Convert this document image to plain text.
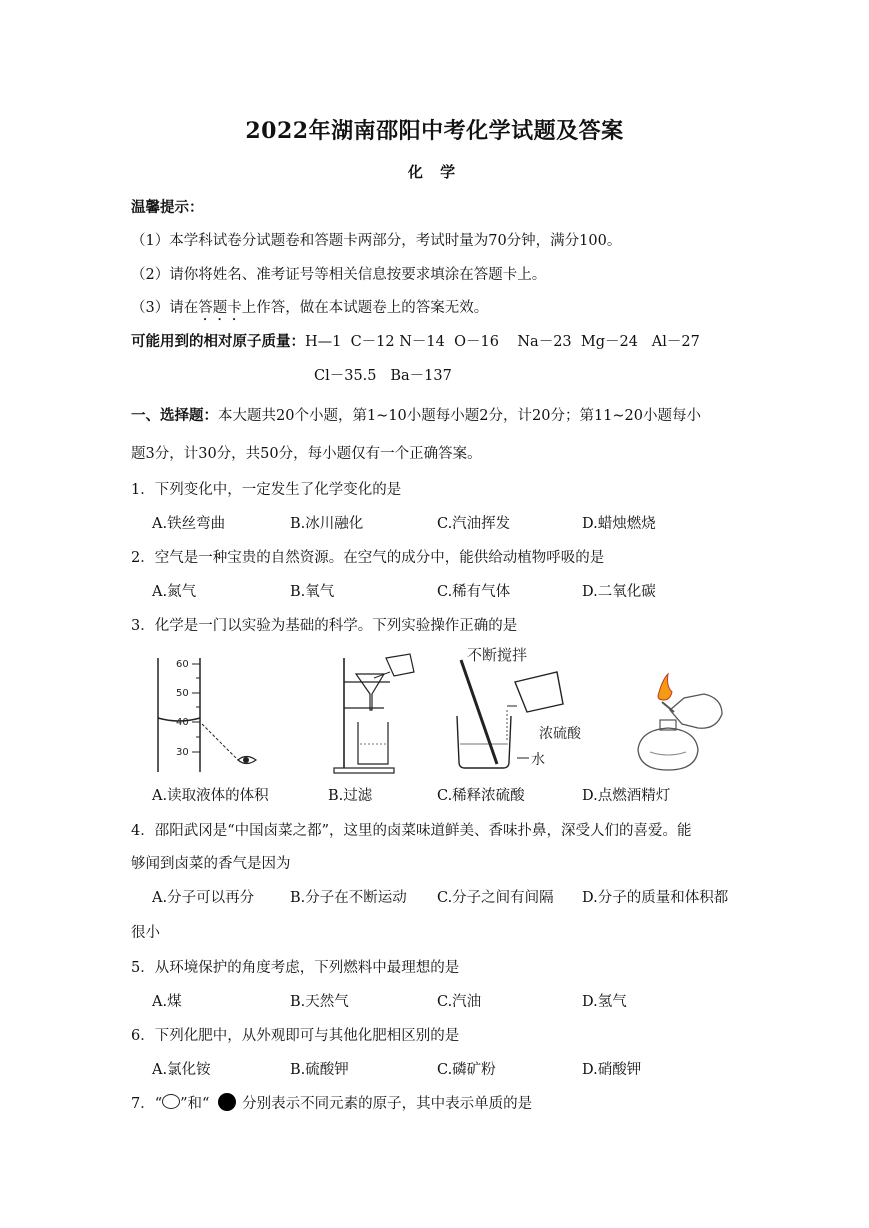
2022年湖南邵阳中考化学试题及答案
化 学
温馨提示：
（1）本学科试卷分试题卷和答题卡两部分，考试时量为70分钟，满分100。
（2）请你将姓名、准考证号等相关信息按要求填涂在答题卡上。
（3）请在答题卡上作答，做在本试题卷上的答案无效。
可能用到的相对原子质量：H—1  C－12 N－14  O－16    Na－23  Mg－24   Al－27
Cl－35.5   Ba－137
一、选择题：本大题共20个小题，第1∼10小题每小题2分，计20分；第11∼20小题每小
题3分，计30分，共50分，每小题仅有一个正确答案。
1．下列变化中，一定发生了化学变化的是
A.铁丝弯曲	B.冰川融化	C.汽油挥发	D.蜡烛燃烧
2．空气是一种宝贵的自然资源。在空气的成分中，能供给动植物呼吸的是
A.氮气	B.氧气	C.稀有气体	D.二氧化碳
3．化学是一门以实验为基础的科学。下列实验操作正确的是
60
50
40
30
不断搅拌
浓硫酸
水
A.读取液体的体积	B.过滤	C.稀释浓硫酸	D.点燃酒精灯
4．邵阳武冈是“中国卤菜之都”，这里的卤菜味道鲜美、香味扑鼻，深受人们的喜爱。能
够闻到卤菜的香气是因为
A.分子可以再分 B.分子在不断运动 C.分子之间有间隔 D.分子的质量和体积都
很小
5．从环境保护的角度考虑，下列燃料中最理想的是
A.煤	B.天然气	C.汽油	D.氢气
6．下列化肥中，从外观即可与其他化肥相区别的是
A.氯化铵	B.硫酸钾	C.磷矿粉	D.硝酸钾
7．“ ”和“ 分别表示不同元素的原子，其中表示单质的是
